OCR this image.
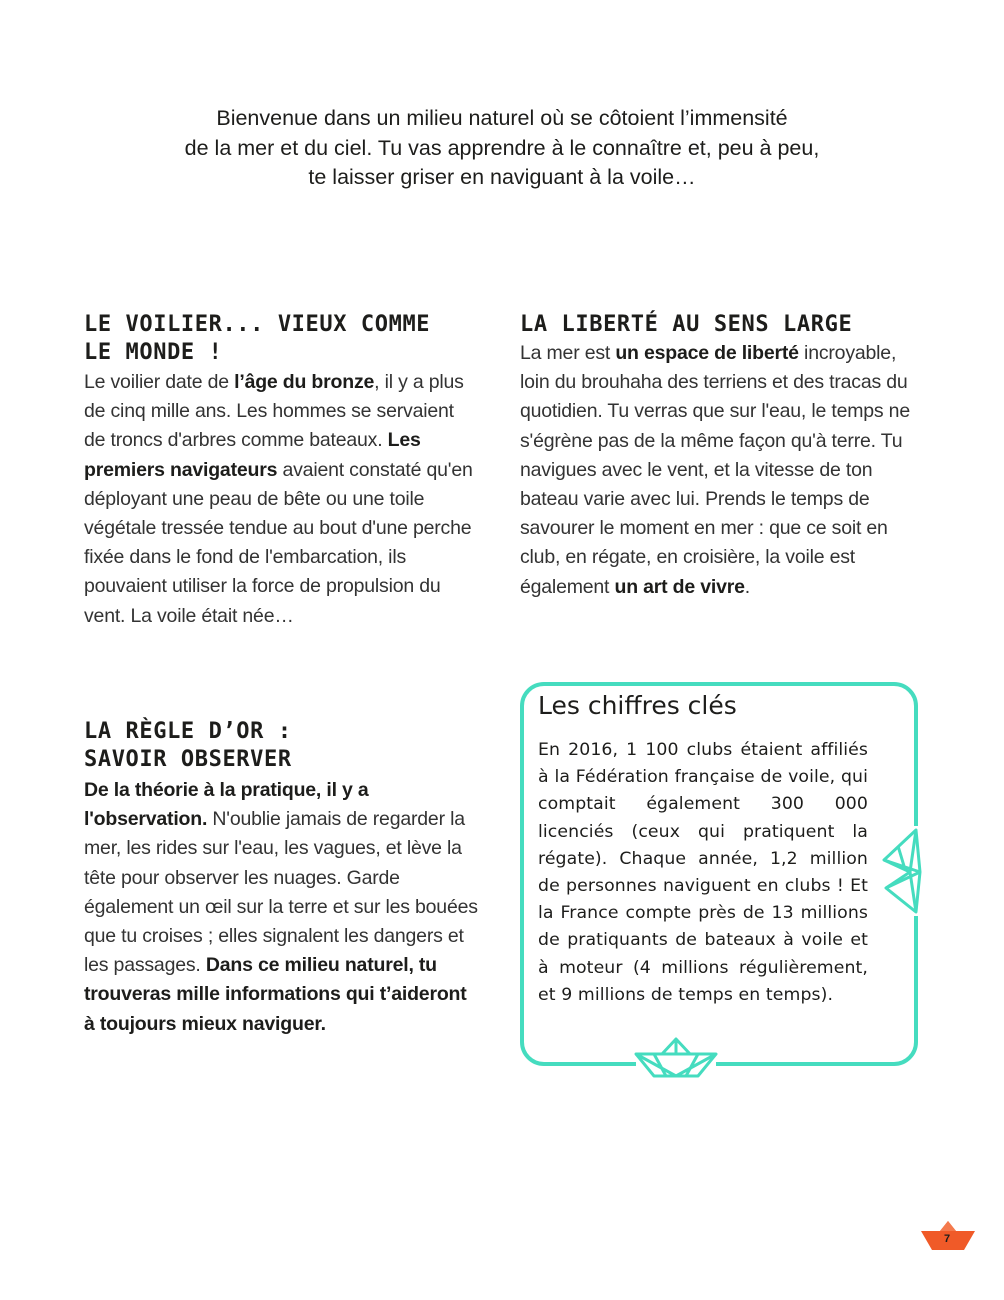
Bienvenue dans un milieu naturel où se côtoient l’immensité
de la mer et du ciel. Tu vas apprendre à le connaître et, peu à peu,
te laisser griser en naviguant à la voile…
LE VOILIER... VIEUX COMME
LE MONDE !
Le voilier date de l’âge du bronze, il y a plus de cinq mille ans. Les hommes se servaient de troncs d'arbres comme bateaux. Les premiers navigateurs avaient constaté qu'en déployant une peau de bête ou une toile végétale tressée tendue au bout d'une perche fixée dans le fond de l'embarcation, ils pouvaient utiliser la force de propulsion du vent. La voile était née…
LA LIBERTÉ AU SENS LARGE
La mer est un espace de liberté incroyable, loin du brouhaha des terriens et des tracas du quotidien. Tu verras que sur l'eau, le temps ne s'égrène pas de la même façon qu'à terre. Tu navigues avec le vent, et la vitesse de ton bateau varie avec lui. Prends le temps de savourer le moment en mer : que ce soit en club, en régate, en croisière, la voile est également un art de vivre.
LA RÈGLE D’OR :
SAVOIR OBSERVER
De la théorie à la pratique, il y a l'observation. N'oublie jamais de regarder la mer, les rides sur l'eau, les vagues, et lève la tête pour observer les nuages. Garde également un œil sur la terre et sur les bouées que tu croises ; elles signalent les dangers et les passages. Dans ce milieu naturel, tu trouveras mille informations qui t’aideront à toujours mieux naviguer.
Les chiffres clés
En 2016, 1 100 clubs étaient affiliés à la Fédération française de voile, qui comptait également 300 000 licenciés (ceux qui pratiquent la régate). Chaque année, 1,2 million de personnes naviguent en clubs ! Et la France compte près de 13 millions de pratiquants de bateaux à voile et à moteur (4 millions régulièrement, et 9 millions de temps en temps).
7
